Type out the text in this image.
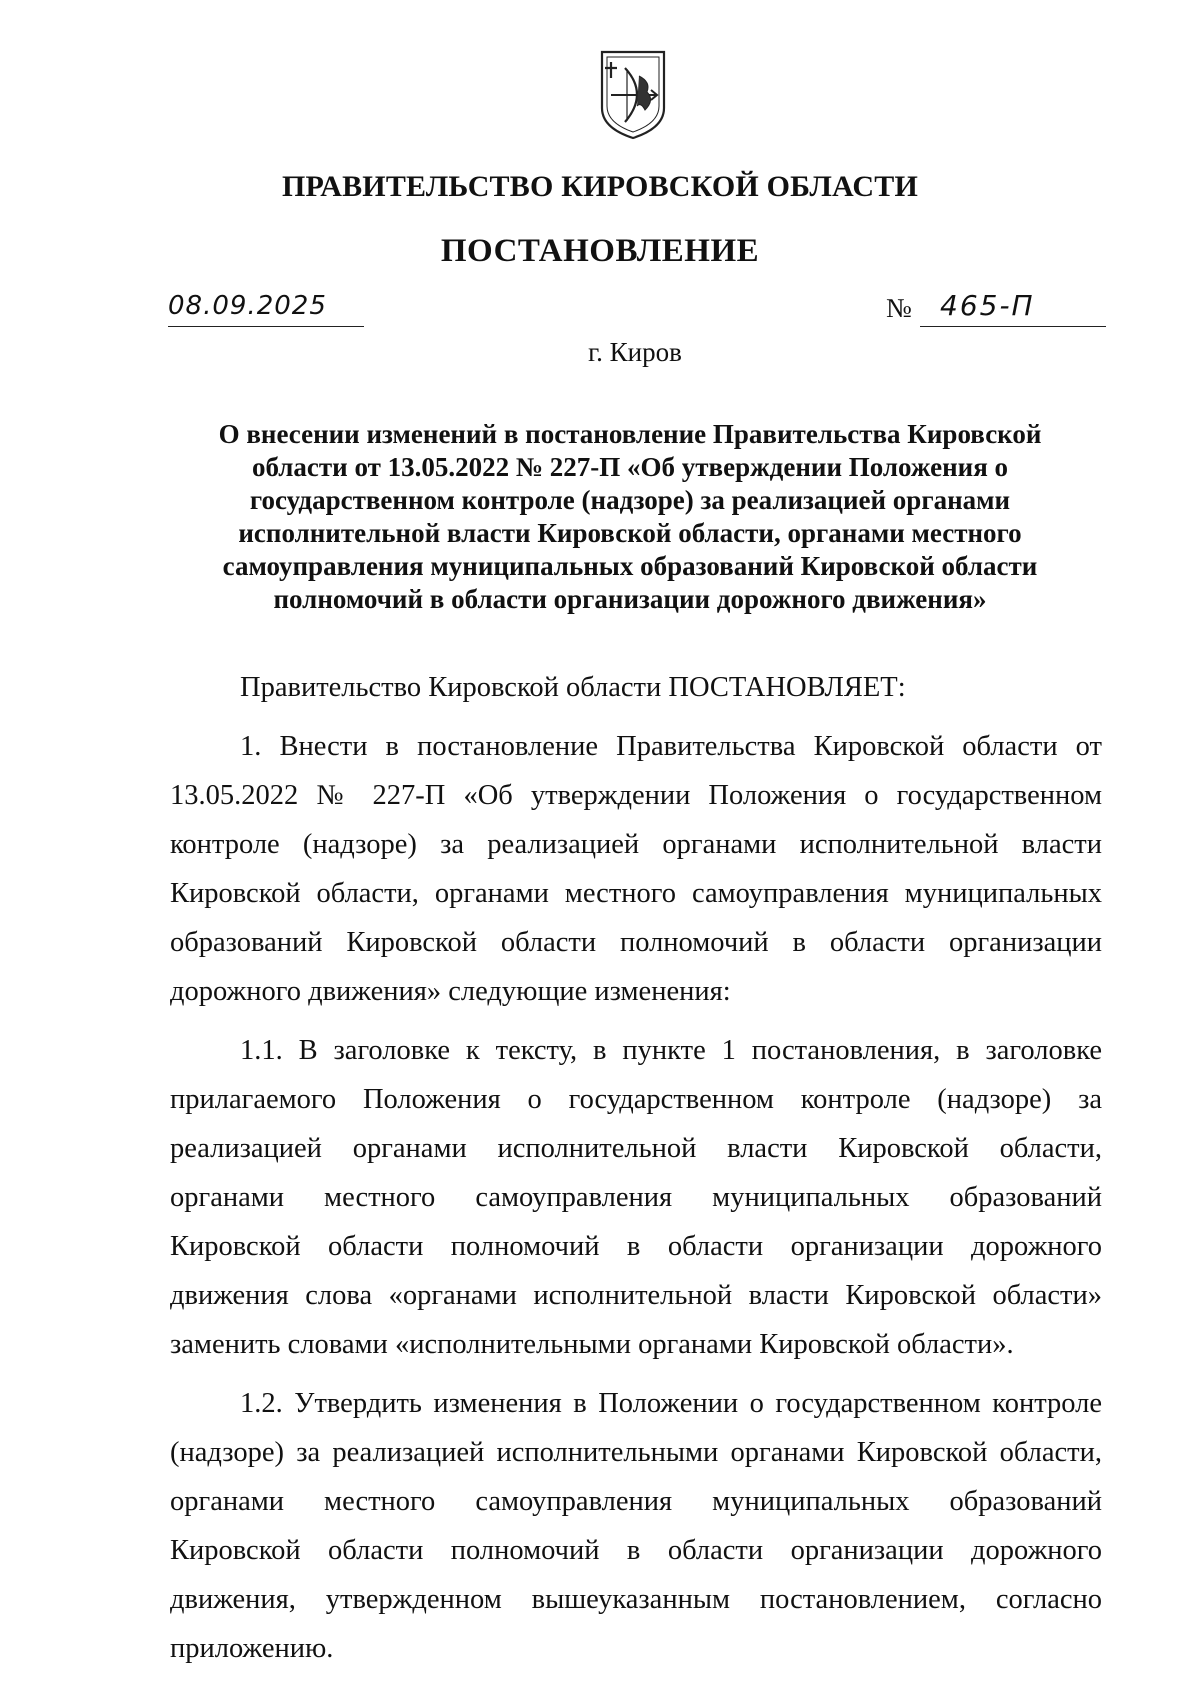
ПРАВИТЕЛЬСТВО КИРОВСКОЙ ОБЛАСТИ
ПОСТАНОВЛЕНИЕ
08.09.2025	№ 465-П
г. Киров
О внесении изменений в постановление Правительства Кировской области от 13.05.2022 № 227-П «Об утверждении Положения о государственном контроле (надзоре) за реализацией органами исполнительной власти Кировской области, органами местного самоуправления муниципальных образований Кировской области полномочий в области организации дорожного движения»

Правительство Кировской области ПОСТАНОВЛЯЕТ:

1. Внести в постановление Правительства Кировской области от 13.05.2022 № 227-П «Об утверждении Положения о государственном контроле (надзоре) за реализацией органами исполнительной власти Кировской области, органами местного самоуправления муниципальных образований Кировской области полномочий в области организации дорожного движения» следующие изменения:

1.1. В заголовке к тексту, в пункте 1 постановления, в заголовке прилагаемого Положения о государственном контроле (надзоре) за реализацией органами исполнительной власти Кировской области, органами местного самоуправления муниципальных образований Кировской области полномочий в области организации дорожного движения слова «органами исполнительной власти Кировской области» заменить словами «исполнительными органами Кировской области».

1.2. Утвердить изменения в Положении о государственном контроле (надзоре) за реализацией исполнительными органами Кировской области, органами местного самоуправления муниципальных образований Кировской области полномочий в области организации дорожного движения, утвержденном вышеуказанным постановлением, согласно приложению.
